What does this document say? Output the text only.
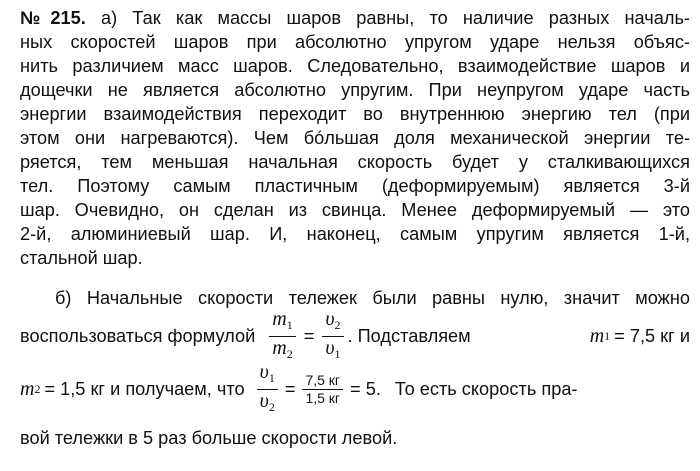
№215. а) Так как массы шаров равны, то наличие разных началь-
ных скоростей шаров при абсолютно упругом ударе нельзя объяс-
нить различием масс шаров. Следовательно, взаимодействие шаров и
дощечки не является абсолютно упругим. При неупругом ударе часть
энергии взаимодействия переходит во внутреннюю энергию тел (при
этом они нагреваются). Чем бóльшая доля механической энергии те-
ряется, тем меньшая начальная скорость будет у сталкивающихся
тел. Поэтому самым пластичным (деформируемым) является 3-й
шар. Очевидно, он сделан из свинца. Менее деформируемый — это
2-й, алюминиевый шар. И, наконец, самым упругим является 1-й,
стальной шар.
б) Начальные скорости тележек были равны нулю, значит можно
воспользоваться формулой $\frac{m_1}{m_2} = \frac{\upsilon_2}{\upsilon_1}$ . Подставляем	m 1 = 7,5 кг и
m 2 = 1,5 кг и получаем, что $\frac{\upsilon_1}{\upsilon_2} = \frac{7,5 кг}{1,5 кг} = 5$. То есть скорость пра-
вой тележки в 5 раз больше скорости левой.
